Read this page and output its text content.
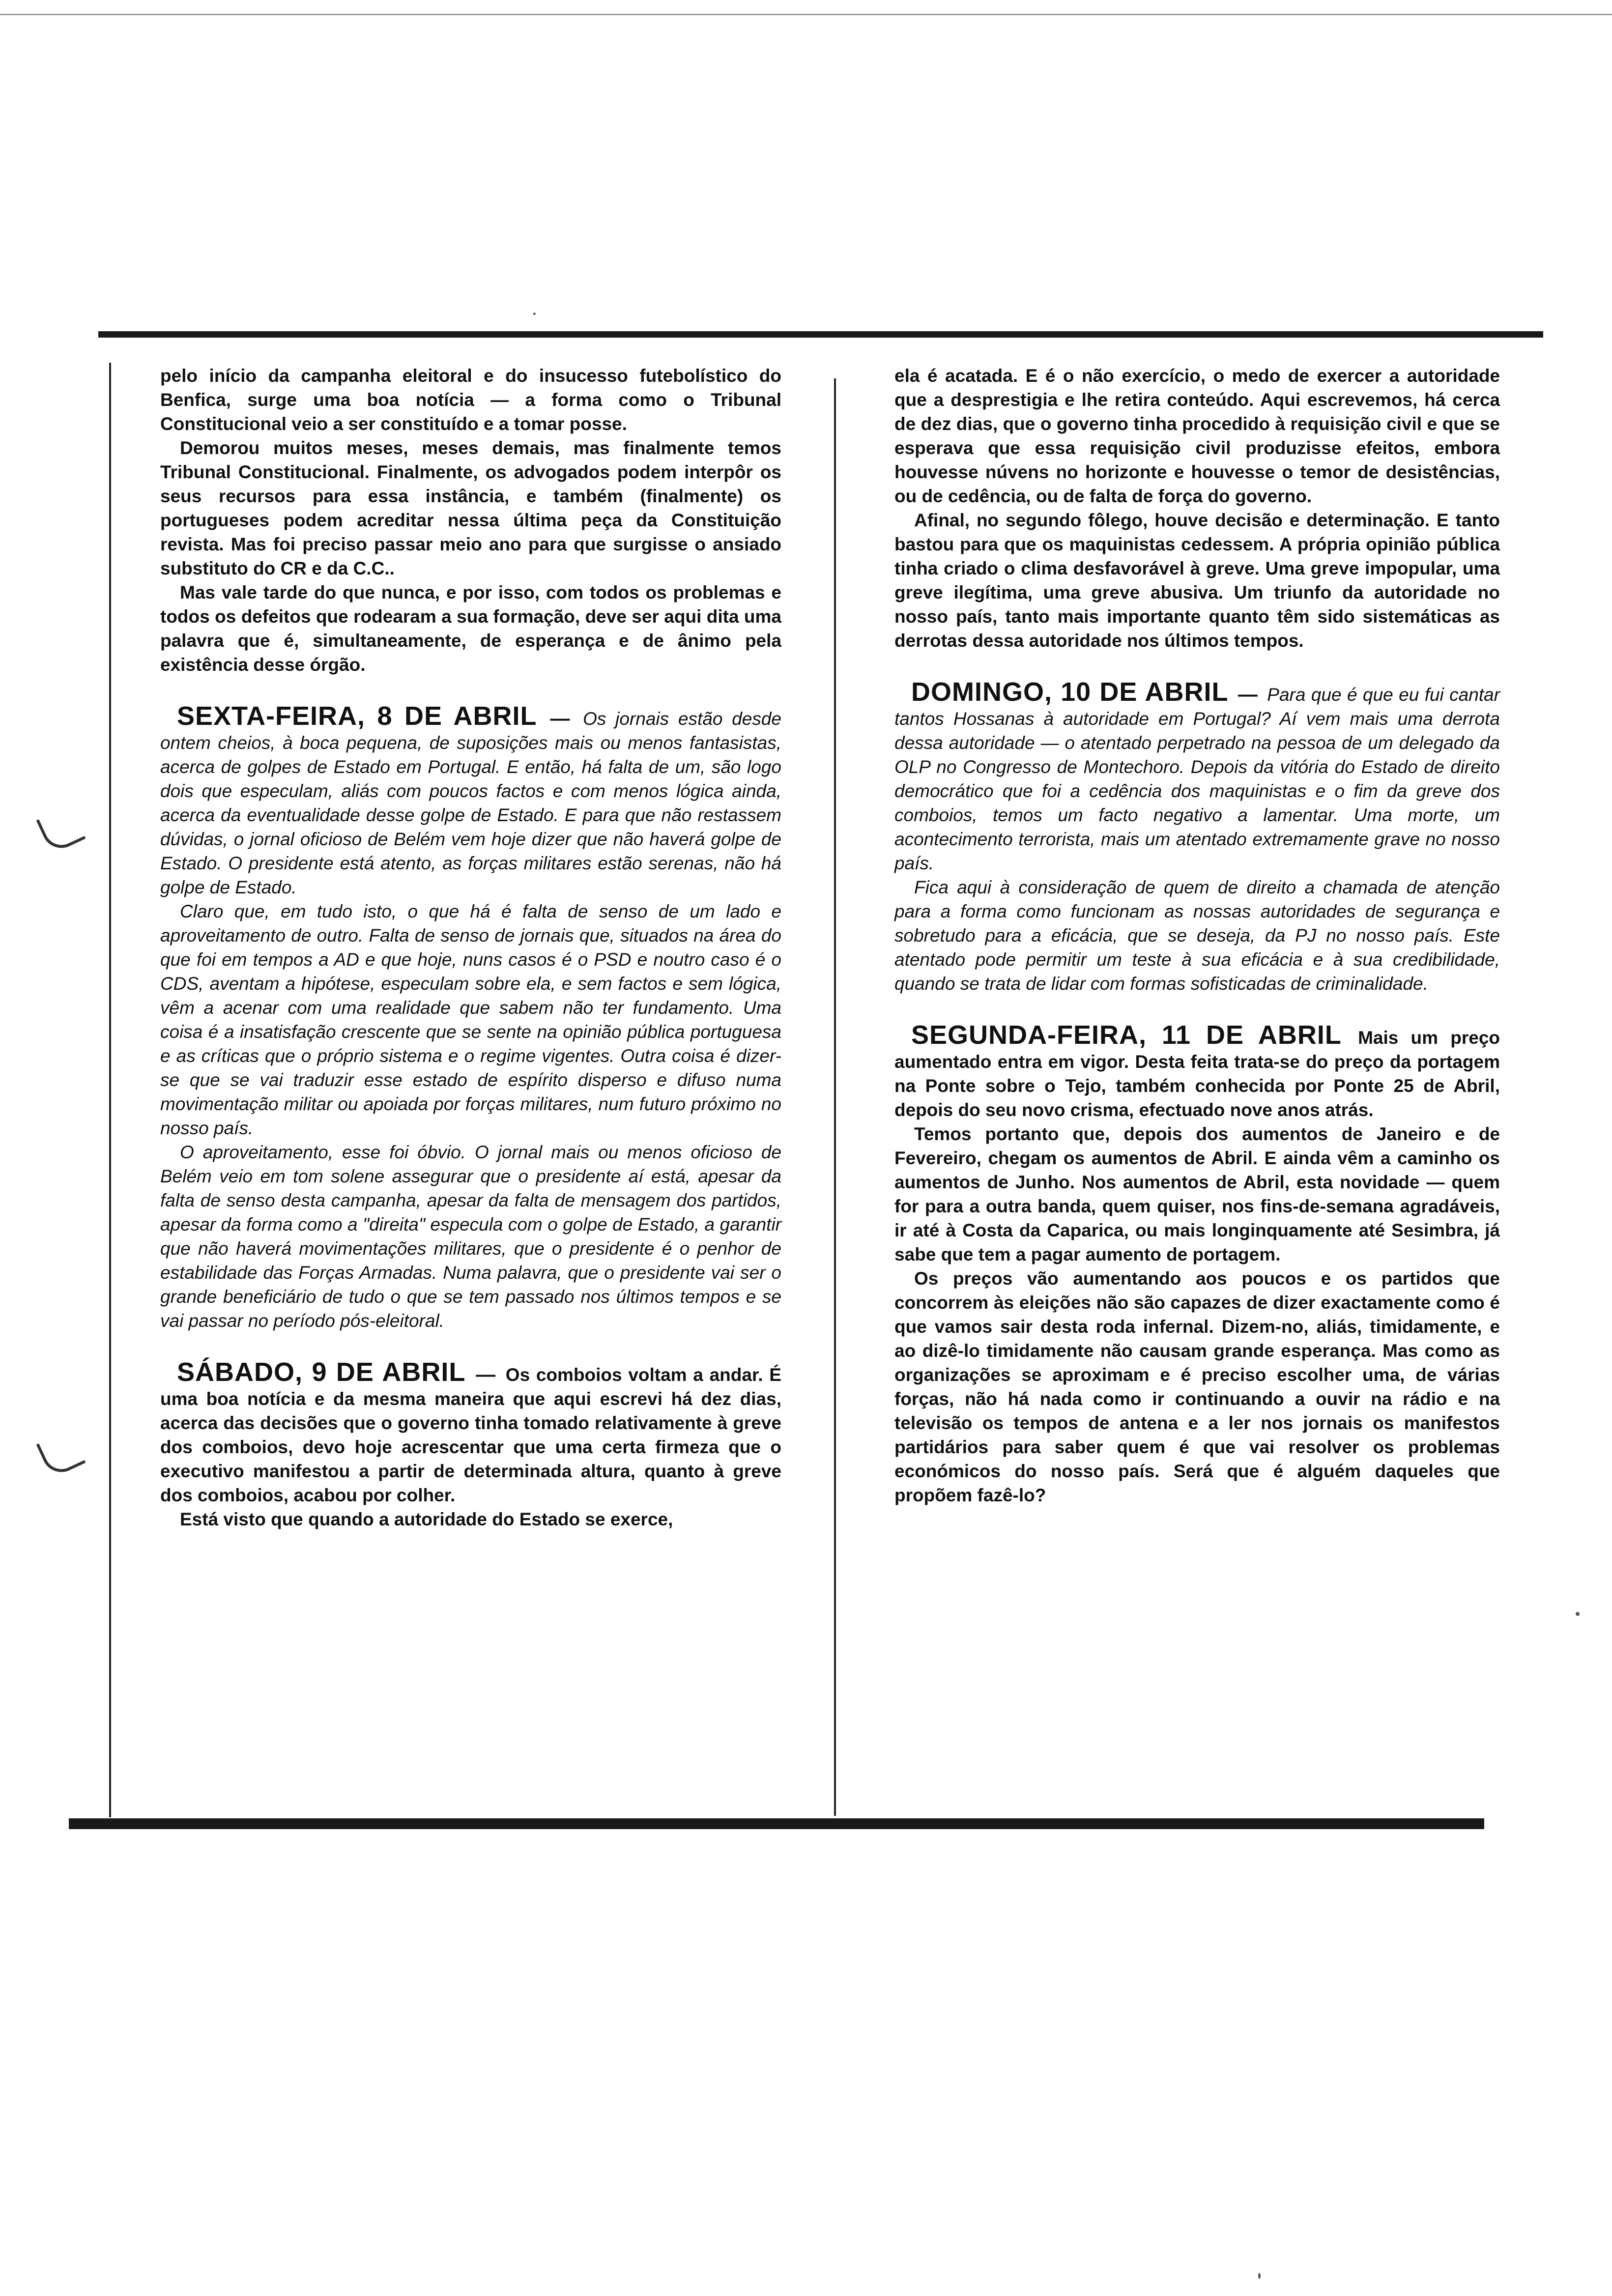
pelo início da campanha eleitoral e do insucesso futebolístico do Benfica, surge uma boa notícia — a forma como o Tribunal Constitucional veio a ser constituído e a tomar posse.

Demorou muitos meses, meses demais, mas finalmente temos Tribunal Constitucional. Finalmente, os advogados podem interpôr os seus recursos para essa instância, e também (finalmente) os portugueses podem acreditar nessa última peça da Constituição revista. Mas foi preciso passar meio ano para que surgisse o ansiado substituto do CR e da C.C..

Mas vale tarde do que nunca, e por isso, com todos os problemas e todos os defeitos que rodearam a sua formação, deve ser aqui dita uma palavra que é, simultaneamente, de esperança e de ânimo pela existência desse órgão.

SEXTA-FEIRA, 8 DE ABRIL — Os jornais estão desde ontem cheios, à boca pequena, de suposições mais ou menos fantasistas, acerca de golpes de Estado em Portugal. E então, há falta de um, são logo dois que especulam, aliás com poucos factos e com menos lógica ainda, acerca da eventualidade desse golpe de Estado. E para que não restassem dúvidas, o jornal oficioso de Belém vem hoje dizer que não haverá golpe de Estado. O presidente está atento, as forças militares estão serenas, não há golpe de Estado.

Claro que, em tudo isto, o que há é falta de senso de um lado e aproveitamento de outro. Falta de senso de jornais que, situados na área do que foi em tempos a AD e que hoje, nuns casos é o PSD e noutro caso é o CDS, aventam a hipótese, especulam sobre ela, e sem factos e sem lógica, vêm a acenar com uma realidade que sabem não ter fundamento. Uma coisa é a insatisfação crescente que se sente na opinião pública portuguesa e as críticas que o próprio sistema e o regime vigentes. Outra coisa é dizer-se que se vai traduzir esse estado de espírito disperso e difuso numa movimentação militar ou apoiada por forças militares, num futuro próximo no nosso país.

O aproveitamento, esse foi óbvio. O jornal mais ou menos oficioso de Belém veio em tom solene assegurar que o presidente aí está, apesar da falta de senso desta campanha, apesar da falta de mensagem dos partidos, apesar da forma como a "direita" especula com o golpe de Estado, a garantir que não haverá movimentações militares, que o presidente é o penhor de estabilidade das Forças Armadas. Numa palavra, que o presidente vai ser o grande beneficiário de tudo o que se tem passado nos últimos tempos e se vai passar no período pós-eleitoral.

SÁBADO, 9 DE ABRIL — Os comboios voltam a andar. É uma boa notícia e da mesma maneira que aqui escrevi há dez dias, acerca das decisões que o governo tinha tomado relativamente à greve dos comboios, devo hoje acrescentar que uma certa firmeza que o executivo manifestou a partir de determinada altura, quanto à greve dos comboios, acabou por colher.

Está visto que quando a autoridade do Estado se exerce,

ela é acatada. E é o não exercício, o medo de exercer a autoridade que a desprestigia e lhe retira conteúdo. Aqui escrevemos, há cerca de dez dias, que o governo tinha procedido à requisição civil e que se esperava que essa requisição civil produzisse efeitos, embora houvesse núvens no horizonte e houvesse o temor de desistências, ou de cedência, ou de falta de força do governo.

Afinal, no segundo fôlego, houve decisão e determinação. E tanto bastou para que os maquinistas cedessem. A própria opinião pública tinha criado o clima desfavorável à greve. Uma greve impopular, uma greve ilegítima, uma greve abusiva. Um triunfo da autoridade no nosso país, tanto mais importante quanto têm sido sistemáticas as derrotas dessa autoridade nos últimos tempos.

DOMINGO, 10 DE ABRIL — Para que é que eu fui cantar tantos Hossanas à autoridade em Portugal? Aí vem mais uma derrota dessa autoridade — o atentado perpetrado na pessoa de um delegado da OLP no Congresso de Montechoro. Depois da vitória do Estado de direito democrático que foi a cedência dos maquinistas e o fim da greve dos comboios, temos um facto negativo a lamentar. Uma morte, um acontecimento terrorista, mais um atentado extremamente grave no nosso país.

Fica aqui à consideração de quem de direito a chamada de atenção para a forma como funcionam as nossas autoridades de segurança e sobretudo para a eficácia, que se deseja, da PJ no nosso país. Este atentado pode permitir um teste à sua eficácia e à sua credibilidade, quando se trata de lidar com formas sofisticadas de criminalidade.

SEGUNDA-FEIRA, 11 DE ABRIL Mais um preço aumentado entra em vigor. Desta feita trata-se do preço da portagem na Ponte sobre o Tejo, também conhecida por Ponte 25 de Abril, depois do seu novo crisma, efectuado nove anos atrás.

Temos portanto que, depois dos aumentos de Janeiro e de Fevereiro, chegam os aumentos de Abril. E ainda vêm a caminho os aumentos de Junho. Nos aumentos de Abril, esta novidade — quem for para a outra banda, quem quiser, nos fins-de-semana agradáveis, ir até à Costa da Caparica, ou mais longinquamente até Sesimbra, já sabe que tem a pagar aumento de portagem.

Os preços vão aumentando aos poucos e os partidos que concorrem às eleições não são capazes de dizer exactamente como é que vamos sair desta roda infernal. Dizem-no, aliás, timidamente, e ao dizê-lo timidamente não causam grande esperança. Mas como as organizações se aproximam e é preciso escolher uma, de várias forças, não há nada como ir continuando a ouvir na rádio e na televisão os tempos de antena e a ler nos jornais os manifestos partidários para saber quem é que vai resolver os problemas económicos do nosso país. Será que é alguém daqueles que propõem fazê-lo?
